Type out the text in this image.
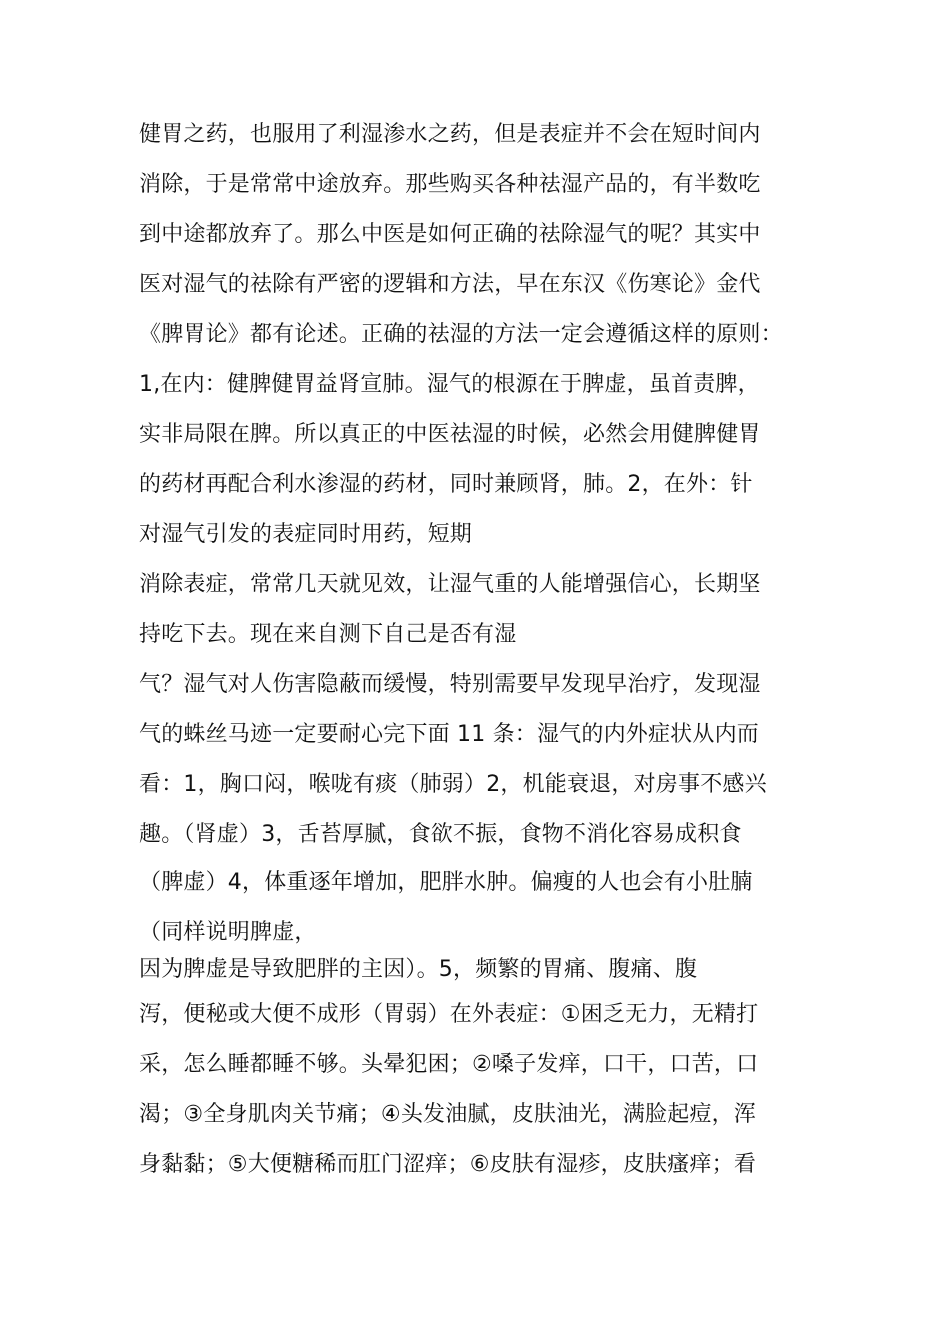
健胃之药，也服用了利湿渗水之药，但是表症并不会在短时间内

消除，于是常常中途放弃。那些购买各种祛湿产品的，有半数吃

到中途都放弃了。那么中医是如何正确的祛除湿气的呢？其实中

医对湿气的祛除有严密的逻辑和方法，早在东汉《伤寒论》金代

《脾胃论》都有论述。正确的祛湿的方法一定会遵循这样的原则：

1,在内：健脾健胃益肾宣肺。湿气的根源在于脾虚，虽首责脾，

实非局限在脾。所以真正的中医祛湿的时候，必然会用健脾健胃

的药材再配合利水渗湿的药材，同时兼顾肾，肺。2，在外：针

对湿气引发的表症同时用药，短期

消除表症，常常几天就见效，让湿气重的人能增强信心，长期坚

持吃下去。现在来自测下自己是否有湿

气？湿气对人伤害隐蔽而缓慢，特别需要早发现早治疗，发现湿

气的蛛丝马迹一定要耐心完下面 11 条：湿气的内外症状从内而

看：1，胸口闷，喉咙有痰（肺弱）2，机能衰退，对房事不感兴

趣。（肾虚）3，舌苔厚腻，食欲不振，食物不消化容易成积食

（脾虚）4，体重逐年增加，肥胖水肿。偏瘦的人也会有小肚腩

（同样说明脾虚，

因为脾虚是导致肥胖的主因）。5，频繁的胃痛、腹痛、腹

泻，便秘或大便不成形（胃弱）在外表症：①困乏无力，无精打

采，怎么睡都睡不够。头晕犯困；②嗓子发痒，口干，口苦，口

渴；③全身肌肉关节痛；④头发油腻，皮肤油光，满脸起痘，浑

身黏黏；⑤大便糖稀而肛门涩痒；⑥皮肤有湿疹，皮肤瘙痒；看
